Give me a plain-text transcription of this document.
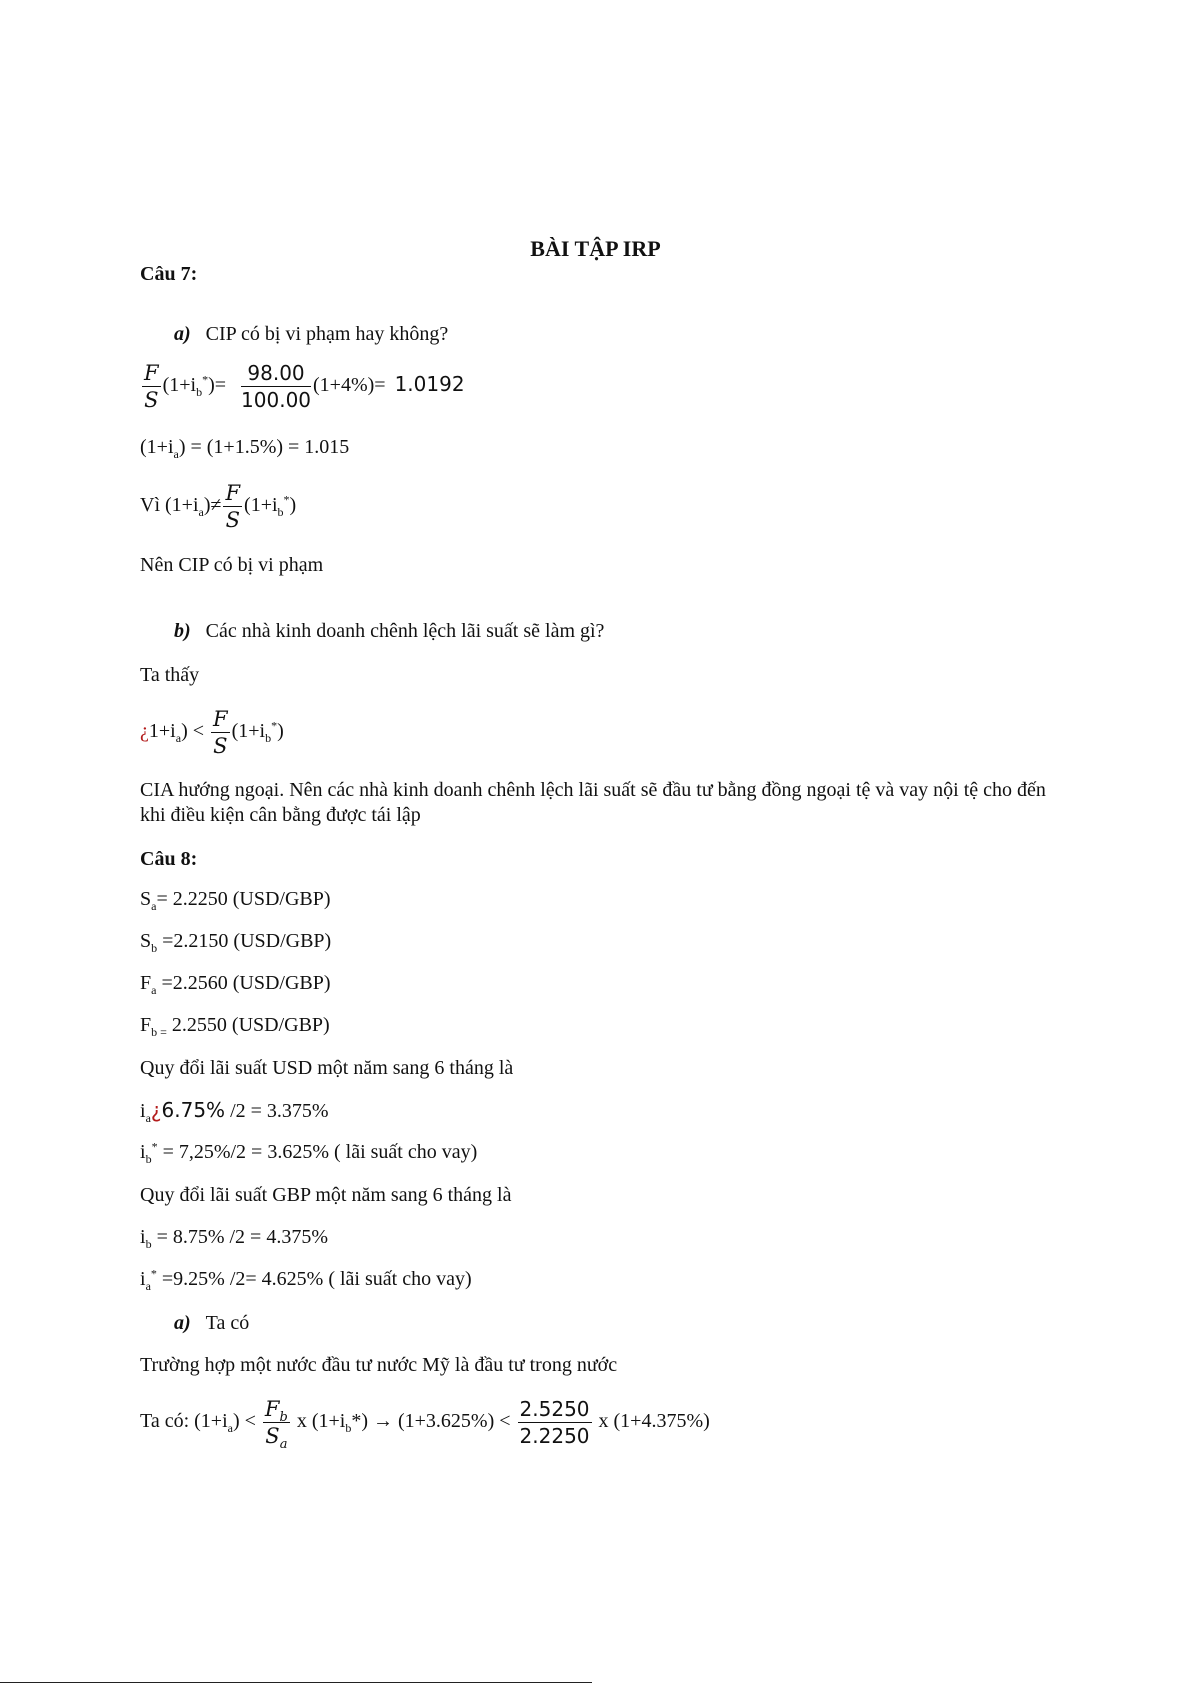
BÀI TẬP IRP
Câu 7:
a) CIP có bị vi phạm hay không?
$\frac{F}{S} (1+i_b^*)= \frac{98.00}{100.00} (1+4\%)= 1.0192$
$(1+i_a) = (1+1.5\%) = 1.015$
Vì $(1+i_a)\ne \frac{F}{S} (1+i_b^*)$
Nên CIP có bị vi phạm
b) Các nhà kinh doanh chênh lệch lãi suất sẽ làm gì?
Ta thấy
¿$1+i_a) < \frac{F}{S} (1+i_b^*)$
CIA hướng ngoại. Nên các nhà kinh doanh chênh lệch lãi suất sẽ đầu tư bằng đồng ngoại tệ và vay nội tệ cho đến khi điều kiện cân bằng được tái lập
Câu 8:
$S_a= 2.2250$ (USD/GBP)
$S_b =2.2150$ (USD/GBP)
$F_a =2.2560$ (USD/GBP)
$F_{b =}$ 2.2550 (USD/GBP)
Quy đổi lãi suất USD một năm sang 6 tháng là
$i_a¿6.75\%$ /2 = 3.375%
$i_b^* = 7,25\%/2 = 3.625\%$ ( lãi suất cho vay)
Quy đổi lãi suất GBP một năm sang 6 tháng là
$i_b = 8.75\%$ /2 = 4.375%
$i_a^* =9.25\%$ /2= 4.625% ( lãi suất cho vay)
a) Ta có
Trường hợp một nước đầu tư nước Mỹ là đầu tư trong nước
Ta có: $(1+i_a) < \frac{F_b}{S_a}$ x $(1+i_b*) \to (1+3.625\%) < \frac{2.5250}{2.2250}$ x (1+4.375%)
